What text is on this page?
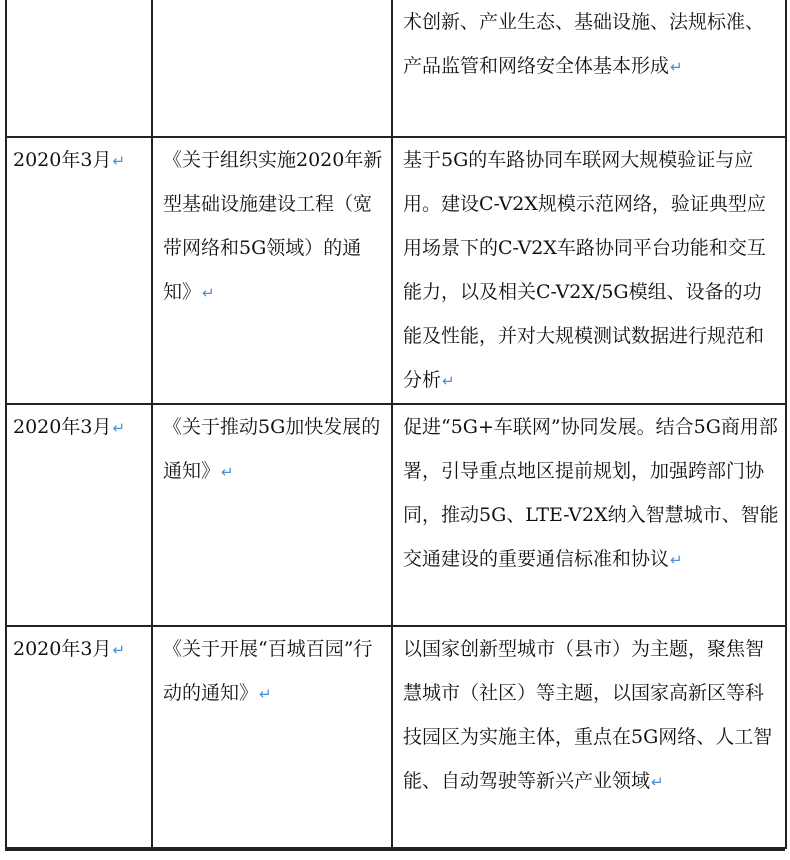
		术创新、产业生态、基础设施、法规标准、产品监管和网络安全体基本形成↵
2020年3月↵	《关于组织实施2020年新型基础设施建设工程（宽带网络和5G领域）的通知》↵	基于5G的车路协同车联网大规模验证与应用。建设C-V2X规模示范网络，验证典型应用场景下的C-V2X车路协同平台功能和交互能力，以及相关C-V2X/5G模组、设备的功能及性能，并对大规模测试数据进行规范和分析↵
2020年3月↵	《关于推动5G加快发展的通知》↵	促进“5G+车联网”协同发展。结合5G商用部署，引导重点地区提前规划，加强跨部门协同，推动5G、LTE-V2X纳入智慧城市、智能交通建设的重要通信标准和协议↵
2020年3月↵	《关于开展“百城百园”行动的通知》↵	以国家创新型城市（县市）为主题，聚焦智慧城市（社区）等主题，以国家高新区等科技园区为实施主体，重点在5G网络、人工智能、自动驾驶等新兴产业领域↵
